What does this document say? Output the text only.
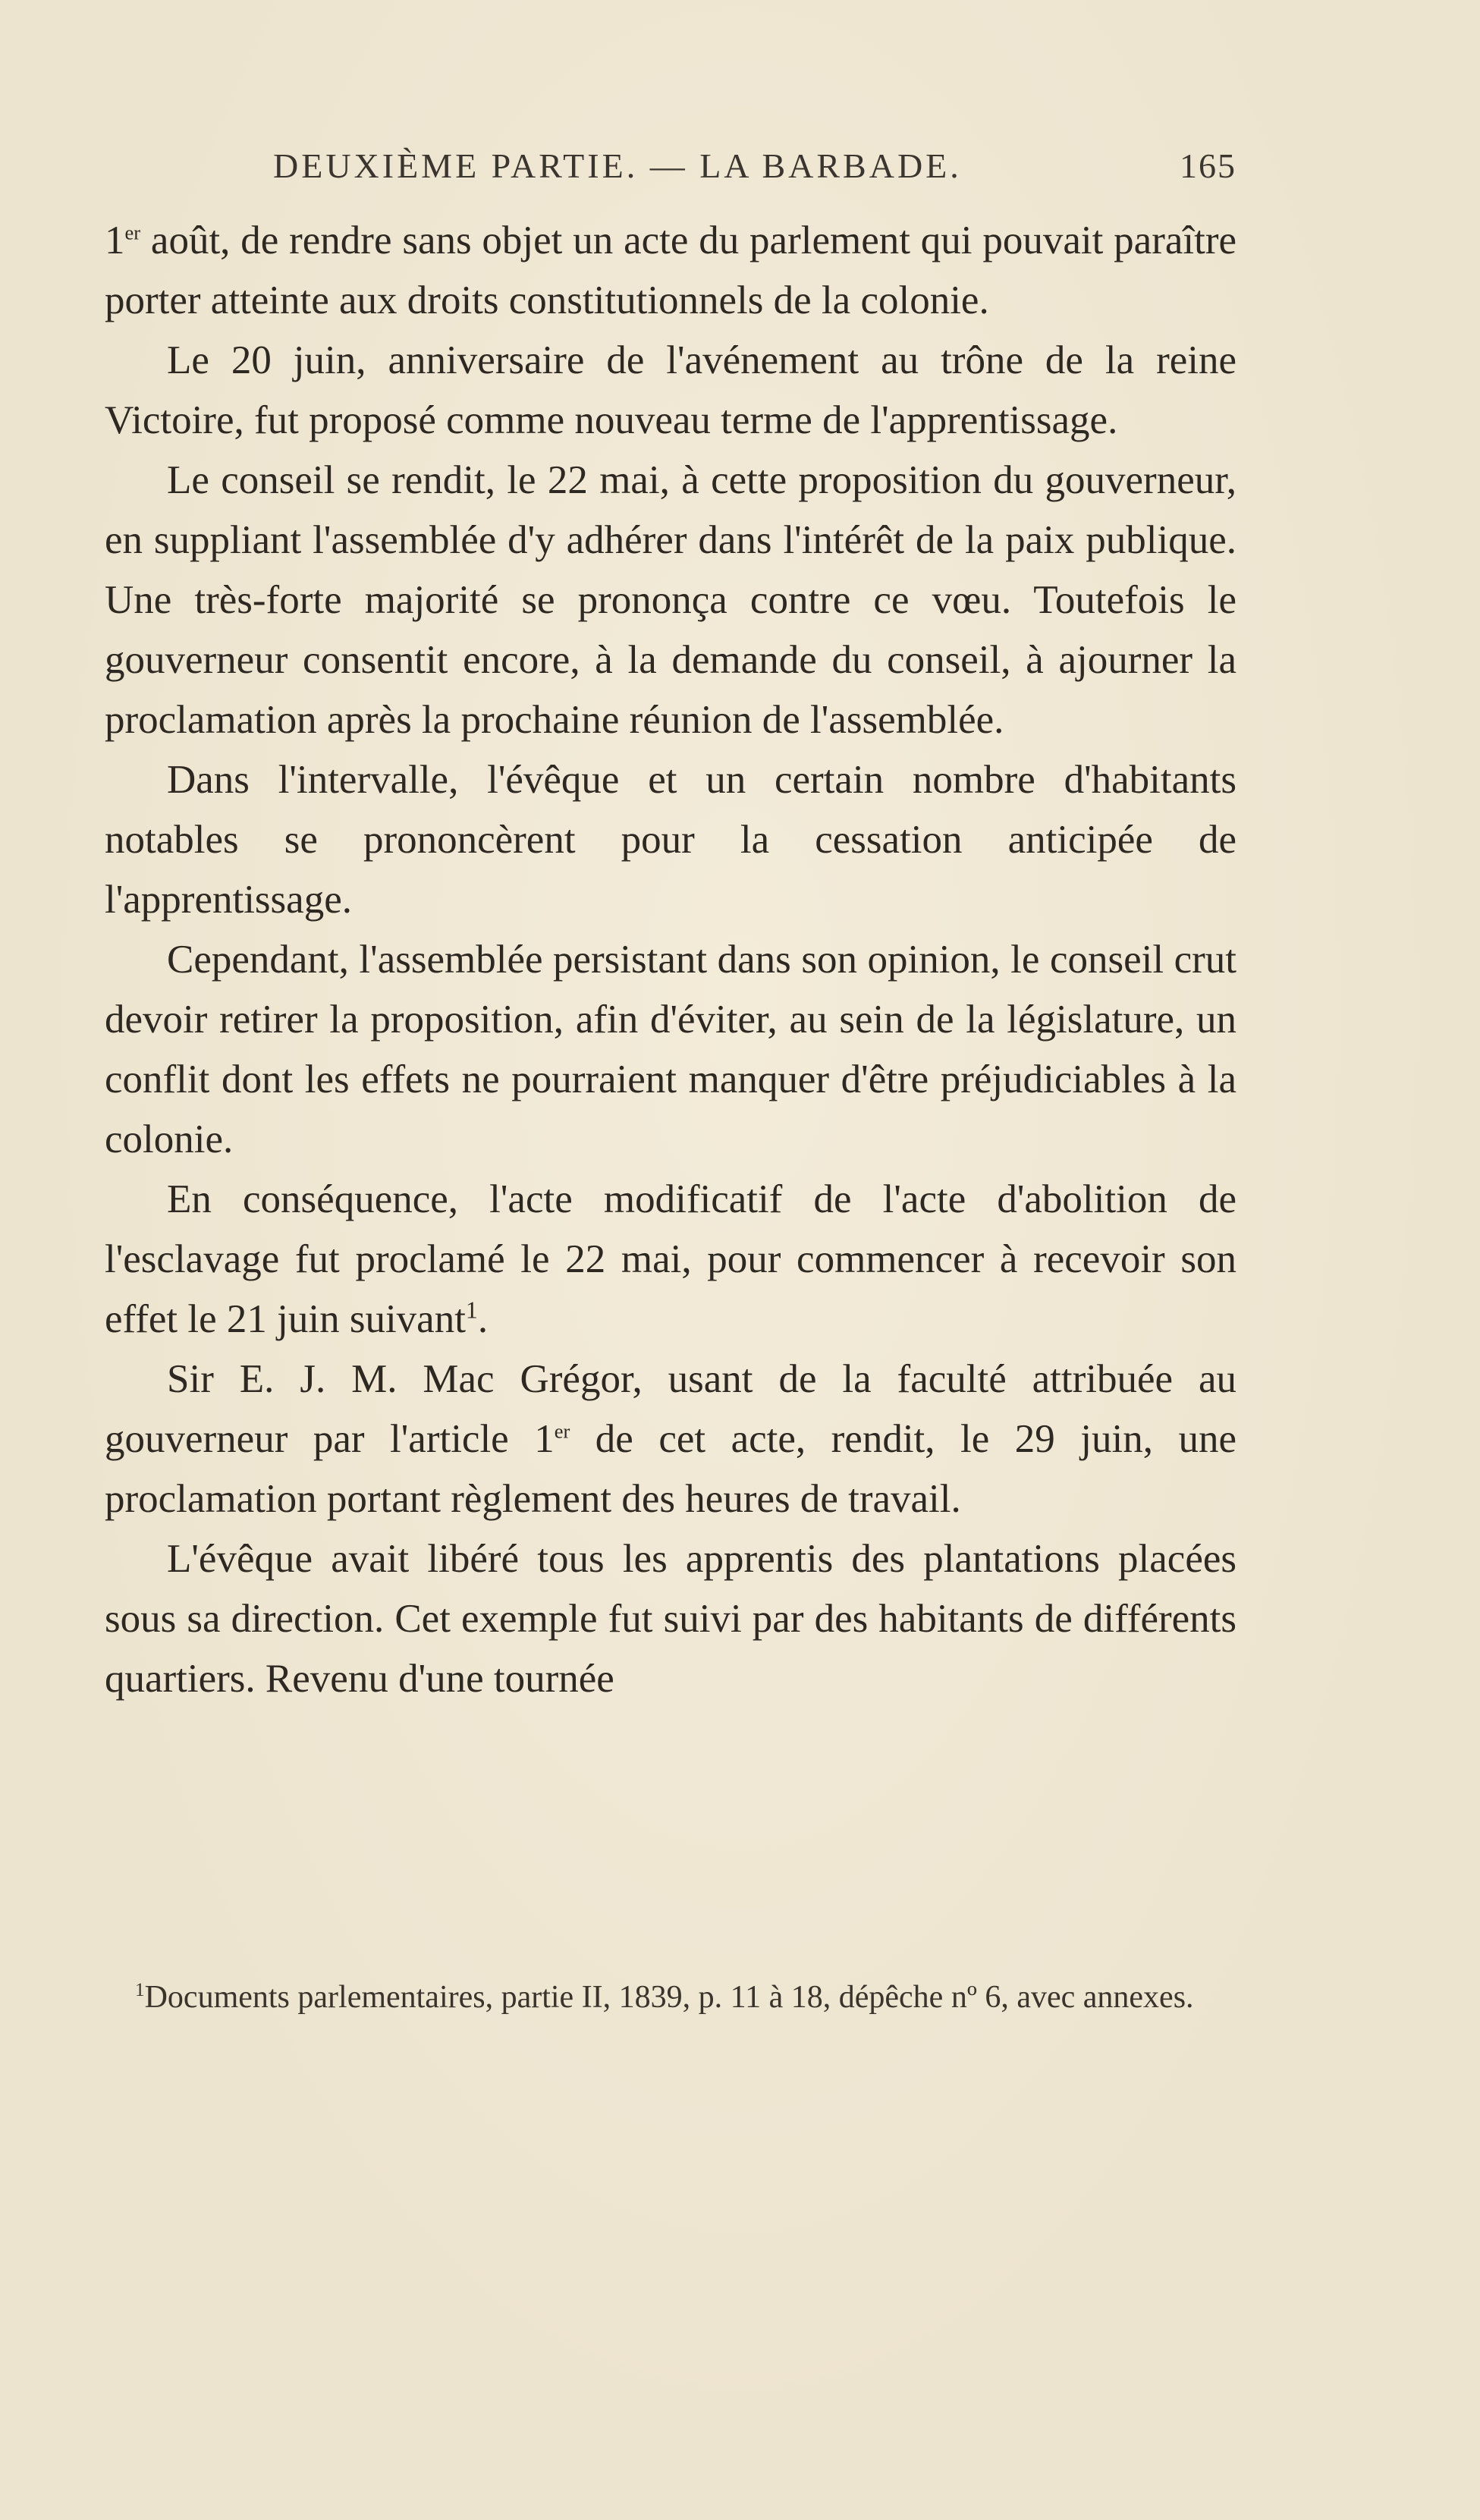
DEUXIÈME PARTIE. — LA BARBADE.	165

1er août, de rendre sans objet un acte du parlement qui pouvait paraître porter atteinte aux droits constitutionnels de la colonie.

Le 20 juin, anniversaire de l'avénement au trône de la reine Victoire, fut proposé comme nouveau terme de l'apprentissage.

Le conseil se rendit, le 22 mai, à cette proposition du gouverneur, en suppliant l'assemblée d'y adhérer dans l'intérêt de la paix publique. Une très-forte majorité se prononça contre ce vœu. Toutefois le gouverneur consentit encore, à la demande du conseil, à ajourner la proclamation après la prochaine réunion de l'assemblée.

Dans l'intervalle, l'évêque et un certain nombre d'habitants notables se prononcèrent pour la cessation anticipée de l'apprentissage.

Cependant, l'assemblée persistant dans son opinion, le conseil crut devoir retirer la proposition, afin d'éviter, au sein de la législature, un conflit dont les effets ne pourraient manquer d'être préjudiciables à la colonie.

En conséquence, l'acte modificatif de l'acte d'abolition de l'esclavage fut proclamé le 22 mai, pour commencer à recevoir son effet le 21 juin suivant$^1$.

Sir E. J. M. Mac Grégor, usant de la faculté attribuée au gouverneur par l'article 1er de cet acte, rendit, le 29 juin, une proclamation portant règlement des heures de travail.

L'évêque avait libéré tous les apprentis des plantations placées sous sa direction. Cet exemple fut suivi par des habitants de différents quartiers. Revenu d'une tournée

$^1$Documents parlementaires, partie II, 1839, p. 11 à 18, dépêche nº 6, avec annexes.
